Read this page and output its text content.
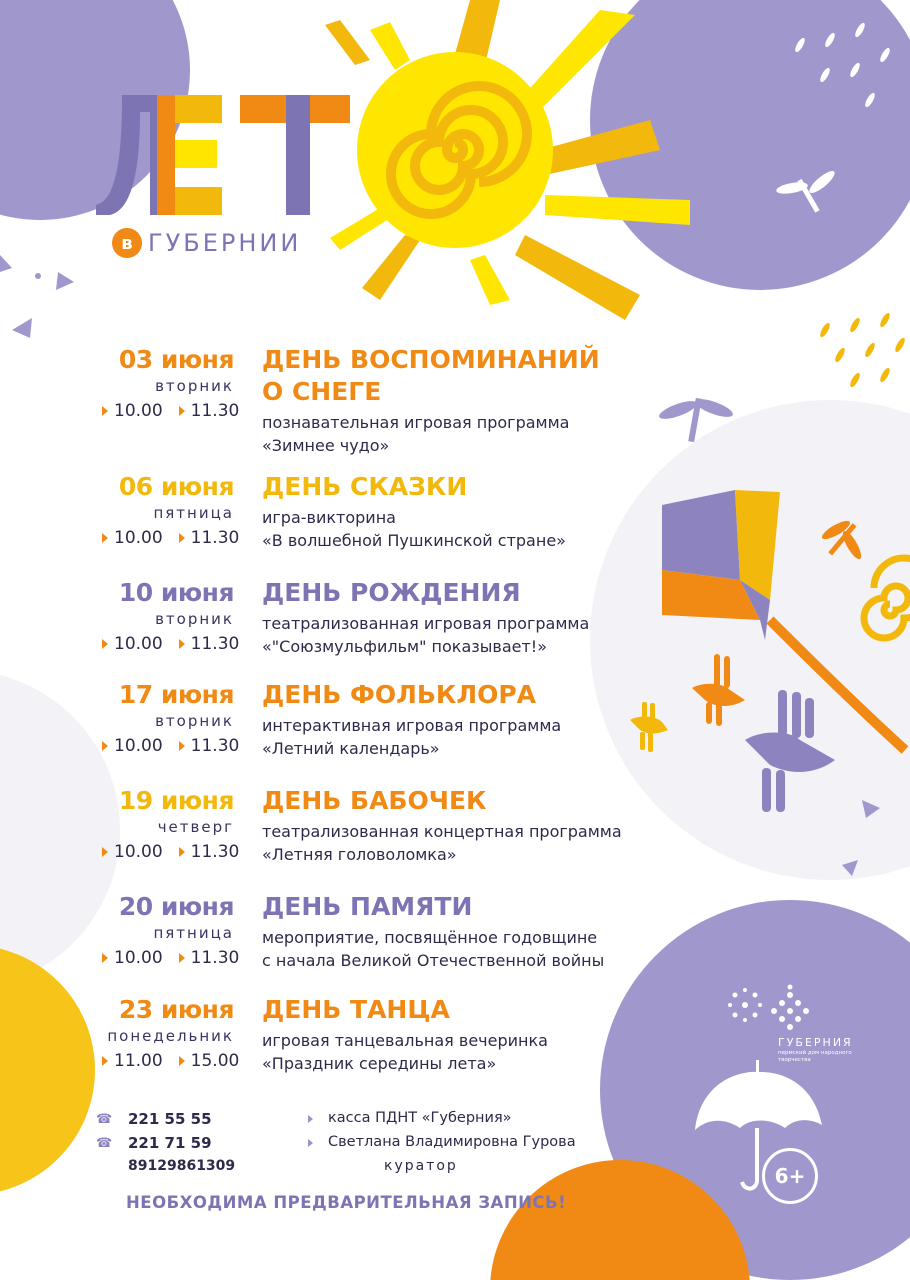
в ГУБЕРНИИ
03 июня
вторник
10.00 11.30
ДЕНЬ ВОСПОМИНАНИЙ
О СНЕГЕ
познавательная игровая программа
«Зимнее чудо»
06 июня
пятница
10.00 11.30
ДЕНЬ СКАЗКИ
игра-викторина
«В волшебной Пушкинской стране»
10 июня
вторник
10.00 11.30
ДЕНЬ РОЖДЕНИЯ
театрализованная игровая программа
«"Союзмульфильм" показывает!»
17 июня
вторник
10.00 11.30
ДЕНЬ ФОЛЬКЛОРА
интерактивная игровая программа
«Летний календарь»
19 июня
четверг
10.00 11.30
ДЕНЬ БАБОЧЕК
театрализованная концертная программа
«Летняя головоломка»
20 июня
пятница
10.00 11.30
ДЕНЬ ПАМЯТИ
мероприятие, посвящённое годовщине
с начала Великой Отечественной войны
23 июня
понедельник
11.00 15.00
ДЕНЬ ТАНЦА
игровая танцевальная вечеринка
«Праздник середины лета»
☎ 221 55 55	касса ПДНТ «Губерния»
☎ 221 71 59	Светлана Владимировна Гурова
89129861309	куратор
НЕОБХОДИМА ПРЕДВАРИТЕЛЬНАЯ ЗАПИСЬ!
ГУБЕРНИЯ
пермский дом народного творчества
6+
